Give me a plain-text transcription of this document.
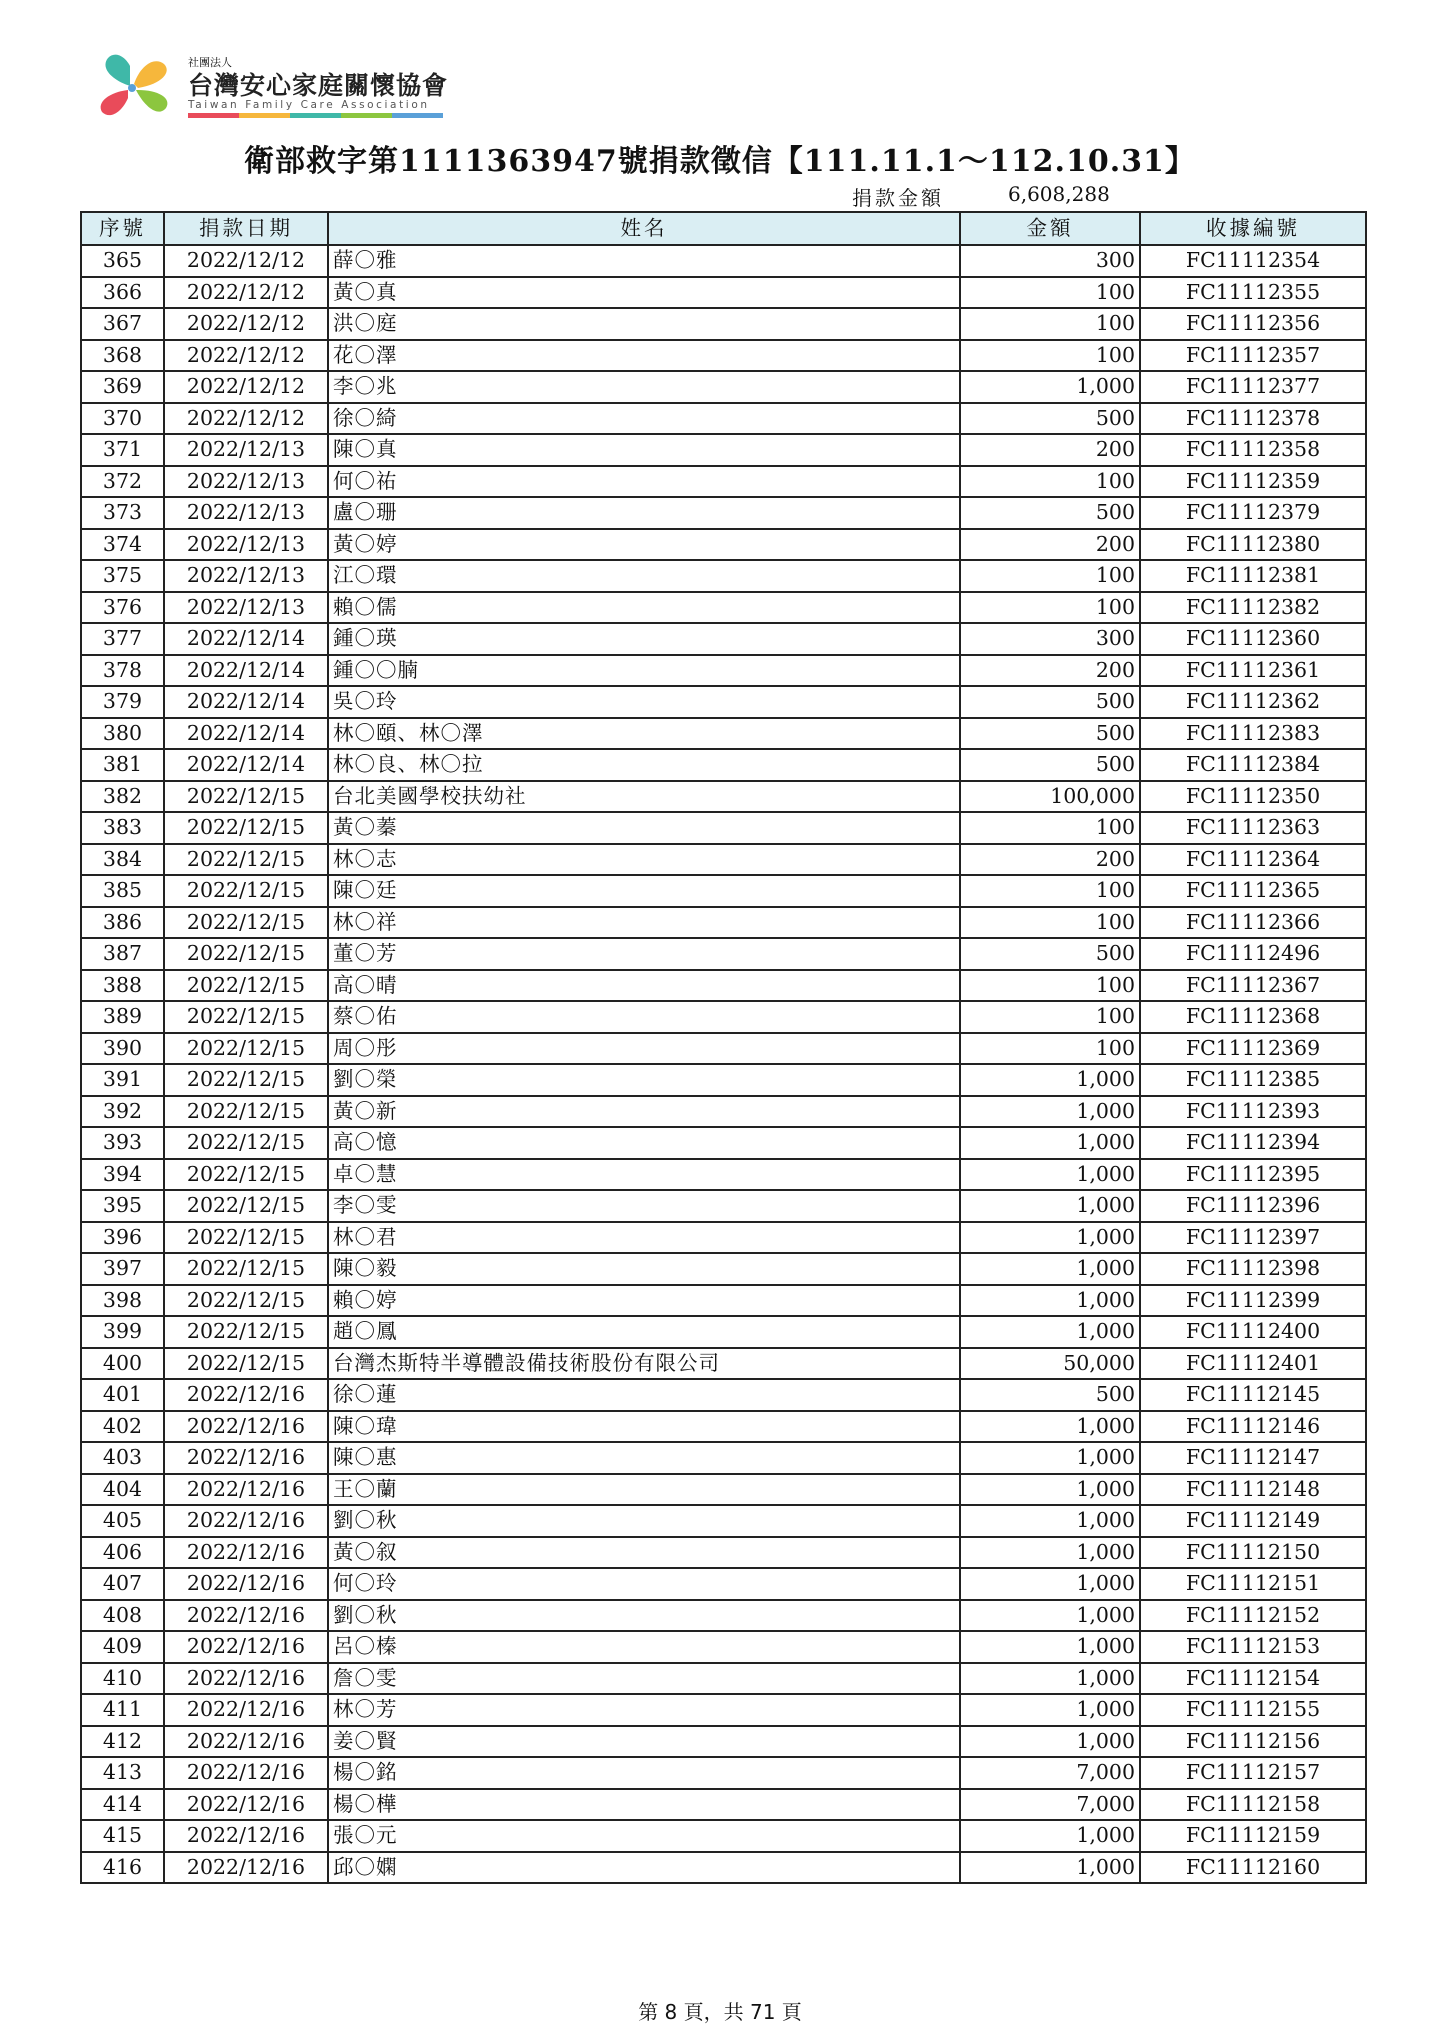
社團法人
台灣安心家庭關懷協會
Taiwan Family Care Association
衛部救字第1111363947號捐款徵信【111.11.1～112.10.31】
捐款金額	6,608,288
序號	捐款日期	姓名	金額	收據編號
365	2022/12/12	薛〇雅	300	FC11112354
366	2022/12/12	黃〇真	100	FC11112355
367	2022/12/12	洪〇庭	100	FC11112356
368	2022/12/12	花〇澤	100	FC11112357
369	2022/12/12	李〇兆	1,000	FC11112377
370	2022/12/12	徐〇綺	500	FC11112378
371	2022/12/13	陳〇真	200	FC11112358
372	2022/12/13	何〇祐	100	FC11112359
373	2022/12/13	盧〇珊	500	FC11112379
374	2022/12/13	黃〇婷	200	FC11112380
375	2022/12/13	江〇環	100	FC11112381
376	2022/12/13	賴〇儒	100	FC11112382
377	2022/12/14	鍾〇瑛	300	FC11112360
378	2022/12/14	鍾〇〇腩	200	FC11112361
379	2022/12/14	吳〇玲	500	FC11112362
380	2022/12/14	林〇頤、林〇澤	500	FC11112383
381	2022/12/14	林〇良、林〇拉	500	FC11112384
382	2022/12/15	台北美國學校扶幼社	100,000	FC11112350
383	2022/12/15	黃〇蓁	100	FC11112363
384	2022/12/15	林〇志	200	FC11112364
385	2022/12/15	陳〇廷	100	FC11112365
386	2022/12/15	林〇祥	100	FC11112366
387	2022/12/15	董〇芳	500	FC11112496
388	2022/12/15	高〇晴	100	FC11112367
389	2022/12/15	蔡〇佑	100	FC11112368
390	2022/12/15	周〇彤	100	FC11112369
391	2022/12/15	劉〇榮	1,000	FC11112385
392	2022/12/15	黃〇新	1,000	FC11112393
393	2022/12/15	高〇憶	1,000	FC11112394
394	2022/12/15	卓〇慧	1,000	FC11112395
395	2022/12/15	李〇雯	1,000	FC11112396
396	2022/12/15	林〇君	1,000	FC11112397
397	2022/12/15	陳〇毅	1,000	FC11112398
398	2022/12/15	賴〇婷	1,000	FC11112399
399	2022/12/15	趙〇鳳	1,000	FC11112400
400	2022/12/15	台灣杰斯特半導體設備技術股份有限公司	50,000	FC11112401
401	2022/12/16	徐〇蓮	500	FC11112145
402	2022/12/16	陳〇瑋	1,000	FC11112146
403	2022/12/16	陳〇惠	1,000	FC11112147
404	2022/12/16	王〇蘭	1,000	FC11112148
405	2022/12/16	劉〇秋	1,000	FC11112149
406	2022/12/16	黃〇叙	1,000	FC11112150
407	2022/12/16	何〇玲	1,000	FC11112151
408	2022/12/16	劉〇秋	1,000	FC11112152
409	2022/12/16	呂〇榛	1,000	FC11112153
410	2022/12/16	詹〇雯	1,000	FC11112154
411	2022/12/16	林〇芳	1,000	FC11112155
412	2022/12/16	姜〇賢	1,000	FC11112156
413	2022/12/16	楊〇銘	7,000	FC11112157
414	2022/12/16	楊〇樺	7,000	FC11112158
415	2022/12/16	張〇元	1,000	FC11112159
416	2022/12/16	邱〇嫻	1,000	FC11112160
第 8 頁，共 71 頁
